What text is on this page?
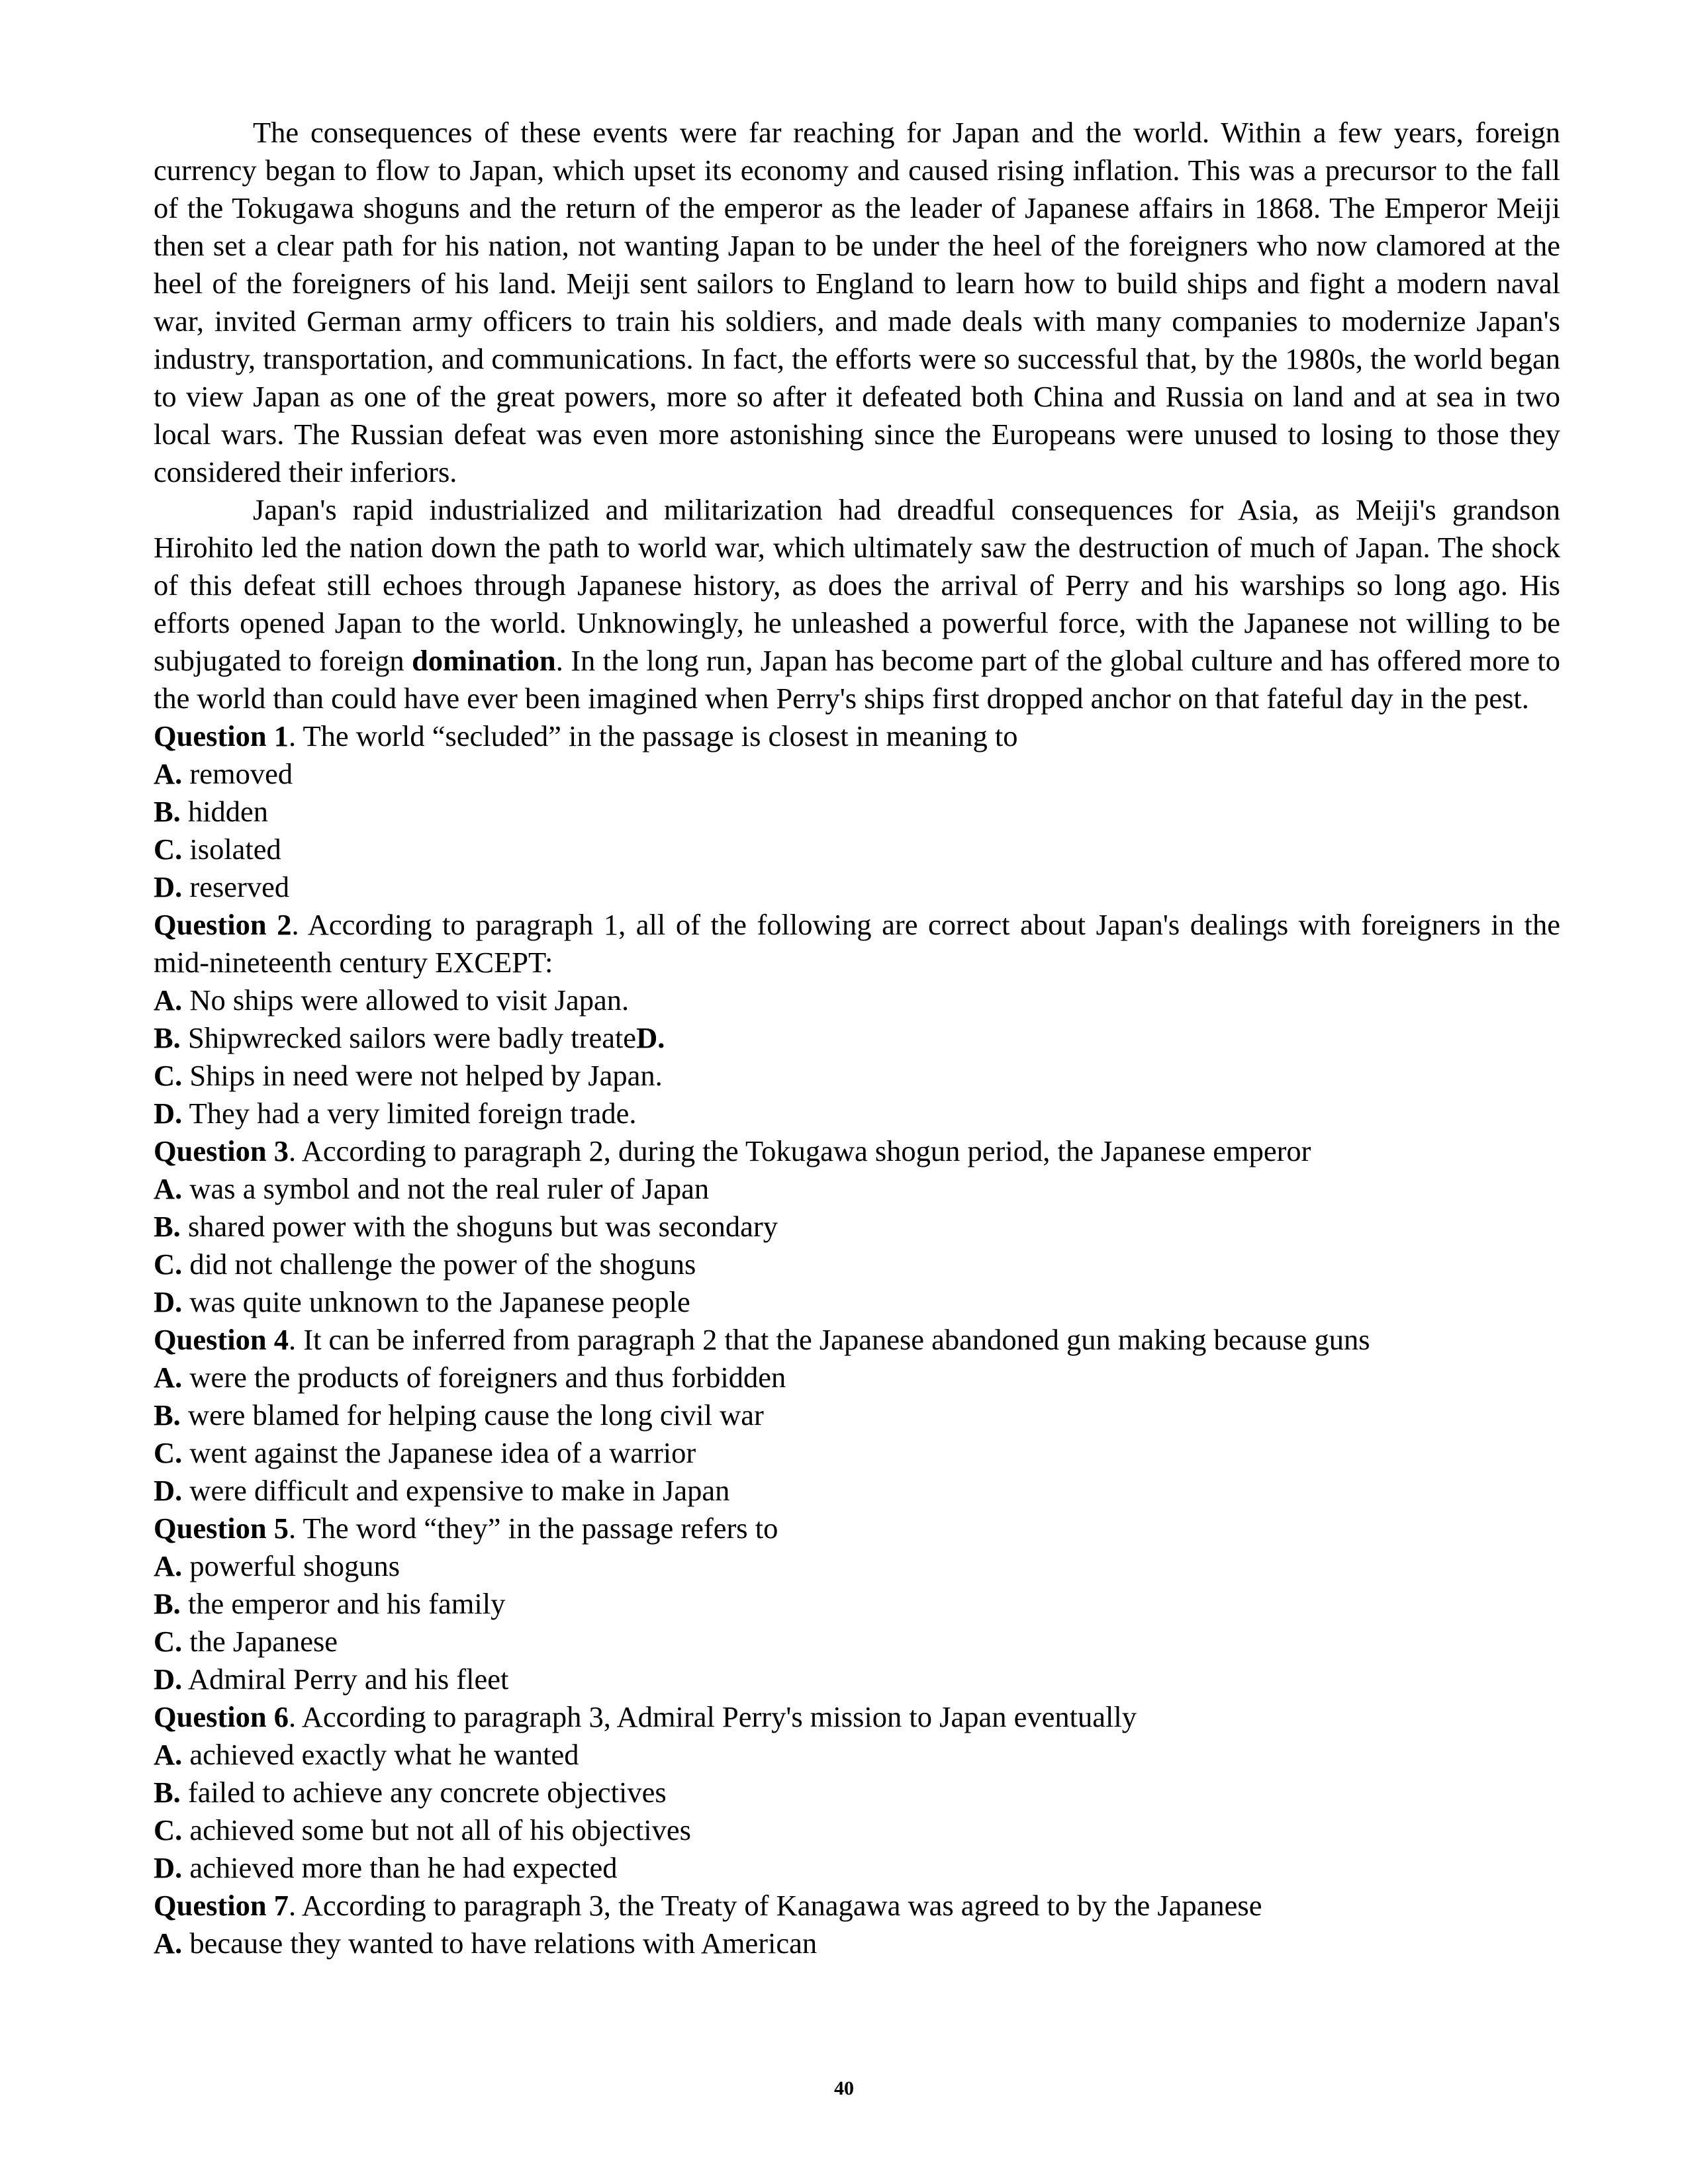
The consequences of these events were far reaching for Japan and the world. Within a few years, foreign currency began to flow to Japan, which upset its economy and caused rising inflation. This was a precursor to the fall of the Tokugawa shoguns and the return of the emperor as the leader of Japanese affairs in 1868. The Emperor Meiji then set a clear path for his nation, not wanting Japan to be under the heel of the foreigners who now clamored at the heel of the foreigners of his land. Meiji sent sailors to England to learn how to build ships and fight a modern naval war, invited German army officers to train his soldiers, and made deals with many companies to modernize Japan's industry, transportation, and communications. In fact, the efforts were so successful that, by the 1980s, the world began to view Japan as one of the great powers, more so after it defeated both China and Russia on land and at sea in two local wars. The Russian defeat was even more astonishing since the Europeans were unused to losing to those they considered their inferiors.

Japan's rapid industrialized and militarization had dreadful consequences for Asia, as Meiji's grandson Hirohito led the nation down the path to world war, which ultimately saw the destruction of much of Japan. The shock of this defeat still echoes through Japanese history, as does the arrival of Perry and his warships so long ago. His efforts opened Japan to the world. Unknowingly, he unleashed a powerful force, with the Japanese not willing to be subjugated to foreign domination. In the long run, Japan has become part of the global culture and has offered more to the world than could have ever been imagined when Perry's ships first dropped anchor on that fateful day in the pest.

Question 1. The world “secluded” in the passage is closest in meaning to

A. removed

B. hidden

C. isolated

D. reserved

Question 2. According to paragraph 1, all of the following are correct about Japan's dealings with foreigners in the mid-nineteenth century EXCEPT:

A. No ships were allowed to visit Japan.

B. Shipwrecked sailors were badly treateD.

C. Ships in need were not helped by Japan.

D. They had a very limited foreign trade.

Question 3. According to paragraph 2, during the Tokugawa shogun period, the Japanese emperor

A. was a symbol and not the real ruler of Japan

B. shared power with the shoguns but was secondary

C. did not challenge the power of the shoguns

D. was quite unknown to the Japanese people

Question 4. It can be inferred from paragraph 2 that the Japanese abandoned gun making because guns

A. were the products of foreigners and thus forbidden

B. were blamed for helping cause the long civil war

C. went against the Japanese idea of a warrior

D. were difficult and expensive to make in Japan

Question 5. The word “they” in the passage refers to

A. powerful shoguns

B. the emperor and his family

C. the Japanese

D. Admiral Perry and his fleet

Question 6. According to paragraph 3, Admiral Perry's mission to Japan eventually

A. achieved exactly what he wanted

B. failed to achieve any concrete objectives

C. achieved some but not all of his objectives

D. achieved more than he had expected

Question 7. According to paragraph 3, the Treaty of Kanagawa was agreed to by the Japanese

A. because they wanted to have relations with American

40
